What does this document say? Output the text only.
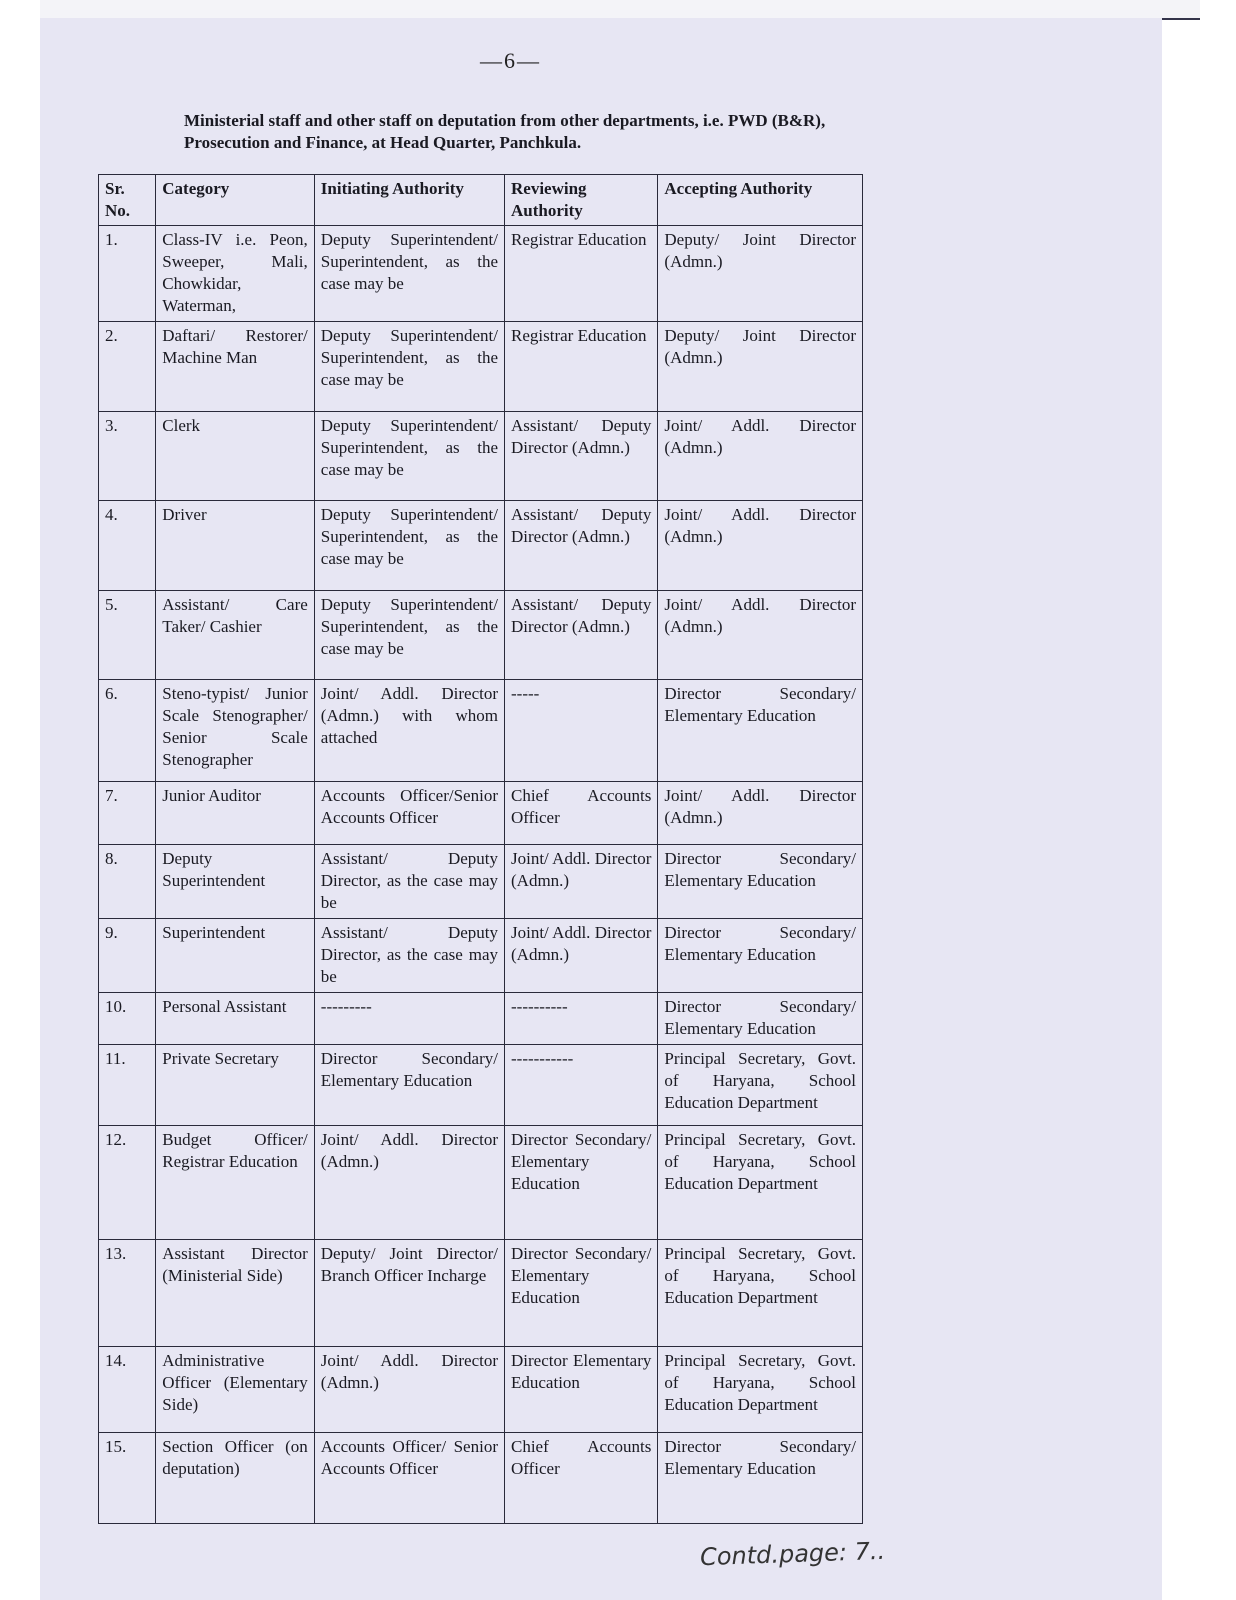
—6—
Ministerial staff and other staff on deputation from other departments, i.e. PWD (B&R), Prosecution and Finance, at Head Quarter, Panchkula.
Sr. No.	Category	Initiating Authority	Reviewing Authority	Accepting Authority
1.	Class-IV i.e. Peon, Sweeper, Mali, Chowkidar, Waterman,	Deputy Superintendent/ Superintendent, as the case may be	Registrar Education	Deputy/ Joint Director (Admn.)
2.	Daftari/ Restorer/ Machine Man	Deputy Superintendent/ Superintendent, as the case may be	Registrar Education	Deputy/ Joint Director (Admn.)
3.	Clerk	Deputy Superintendent/ Superintendent, as the case may be	Assistant/ Deputy Director (Admn.)	Joint/ Addl. Director (Admn.)
4.	Driver	Deputy Superintendent/ Superintendent, as the case may be	Assistant/ Deputy Director (Admn.)	Joint/ Addl. Director (Admn.)
5.	Assistant/ Care Taker/ Cashier	Deputy Superintendent/ Superintendent, as the case may be	Assistant/ Deputy Director (Admn.)	Joint/ Addl. Director (Admn.)
6.	Steno-typist/ Junior Scale Stenographer/ Senior Scale Stenographer	Joint/ Addl. Director (Admn.) with whom attached	-----	Director Secondary/ Elementary Education
7.	Junior Auditor	Accounts Officer/Senior Accounts Officer	Chief Accounts Officer	Joint/ Addl. Director (Admn.)
8.	Deputy Superintendent	Assistant/ Deputy Director, as the case may be	Joint/ Addl. Director (Admn.)	Director Secondary/ Elementary Education
9.	Superintendent	Assistant/ Deputy Director, as the case may be	Joint/ Addl. Director (Admn.)	Director Secondary/ Elementary Education
10.	Personal Assistant	---------	----------	Director Secondary/ Elementary Education
11.	Private Secretary	Director Secondary/ Elementary Education	-----------	Principal Secretary, Govt. of Haryana, School Education Department
12.	Budget Officer/ Registrar Education	Joint/ Addl. Director (Admn.)	Director Secondary/ Elementary Education	Principal Secretary, Govt. of Haryana, School Education Department
13.	Assistant Director (Ministerial Side)	Deputy/ Joint Director/ Branch Officer Incharge	Director Secondary/ Elementary Education	Principal Secretary, Govt. of Haryana, School Education Department
14.	Administrative Officer (Elementary Side)	Joint/ Addl. Director (Admn.)	Director Elementary Education	Principal Secretary, Govt. of Haryana, School Education Department
15.	Section Officer (on deputation)	Accounts Officer/ Senior Accounts Officer	Chief Accounts Officer	Director Secondary/ Elementary Education
Contd.page: 7..
